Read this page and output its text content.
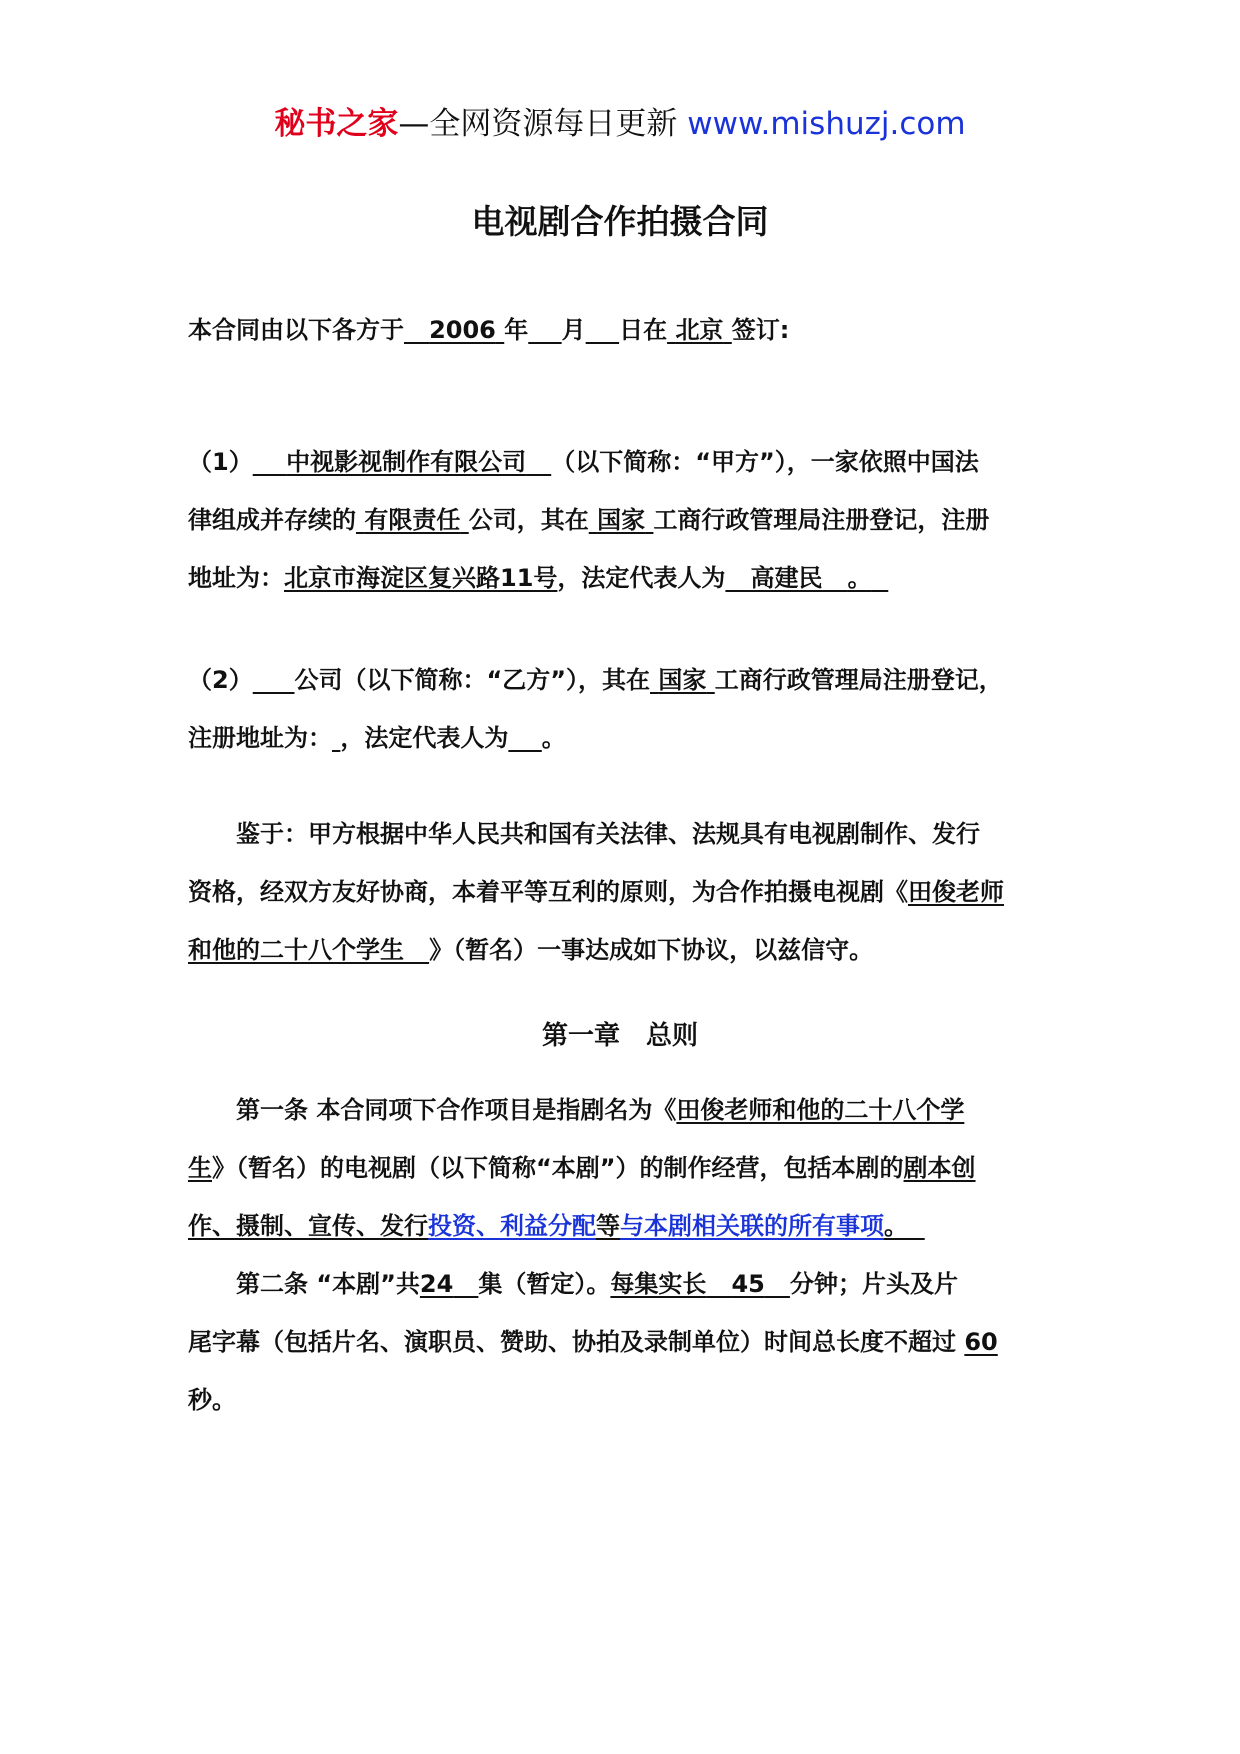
秘书之家—全网资源每日更新 www.mishuzj.com
电视剧合作拍摄合同
本合同由以下各方于 2006 年 月 日在 北京 签订:
（1） 中视影视制作有限公司 （以下简称：“甲方”），一家依照中国法
律组成并存续的 有限责任 公司，其在 国家 工商行政管理局注册登记，注册
地址为：北京市海淀区复兴路11号，法定代表人为 高建民 。
（2） 公司（以下简称：“乙方”），其在 国家 工商行政管理局注册登记，
注册地址为： ，法定代表人为 。
鉴于：甲方根据中华人民共和国有关法律、法规具有电视剧制作、发行
资格，经双方友好协商，本着平等互利的原则，为合作拍摄电视剧《田俊老师
和他的二十八个学生 》（暂名）一事达成如下协议，以兹信守。
第一章　总则
第一条 本合同项下合作项目是指剧名为《田俊老师和他的二十八个学
生》（暂名）的电视剧（以下简称“本剧”）的制作经营，包括本剧的剧本创
作、摄制、宣传、发行投资、利益分配等与本剧相关联的所有事项。
第二条 “本剧”共24 集（暂定）。每集实长 45 分钟；片头及片
尾字幕（包括片名、演职员、赞助、协拍及录制单位）时间总长度不超过 60
秒。
